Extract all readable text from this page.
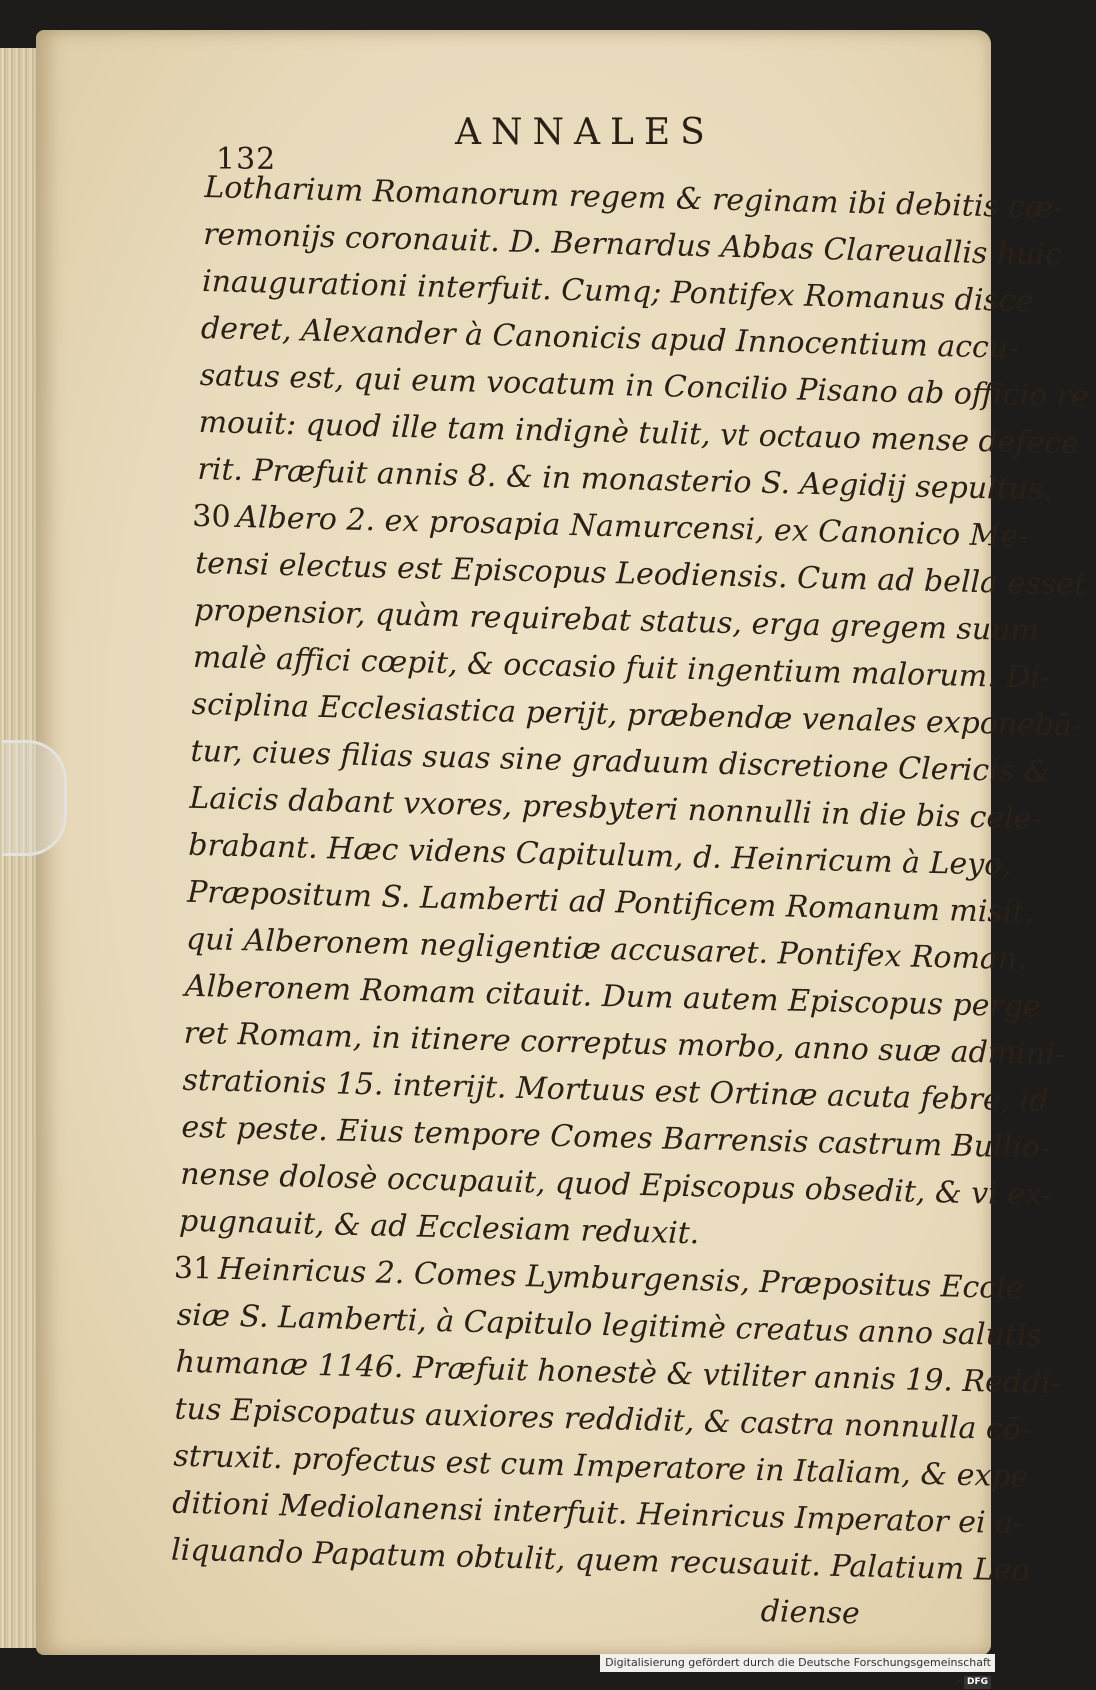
132
ANNALES
Lotharium Romanorum regem & reginam ibi debitis cæ-
remonijs coronauit. D. Bernardus Abbas Clareuallis huic
inaugurationi interfuit. Cumq; Pontifex Romanus disce
deret, Alexander à Canonicis apud Innocentium accu-
satus est, qui eum vocatum in Concilio Pisano ab officio re
mouit: quod ille tam indignè tulit, vt octauo mense defece
rit. Præfuit annis 8. & in monasterio S. Aegidij sepultus.
30 Albero 2. ex prosapia Namurcensi, ex Canonico Me-
tensi electus est Episcopus Leodiensis. Cum ad bella esset
propensior, quàm requirebat status, erga gregem suum
malè affici cœpit, & occasio fuit ingentium malorum. Di-
sciplina Ecclesiastica periјt, præbendæ venales exponebā-
tur, ciues filias suas sine graduum discretione Clericis &
Laicis dabant vxores, presbyteri nonnulli in die bis cele-
brabant. Hæc videns Capitulum, d. Heinricum à Leyo,
Præpositum S. Lamberti ad Pontificem Romanum misit,
qui Alberonem negligentiæ accusaret. Pontifex Roman.
Alberonem Romam citauit. Dum autem Episcopus perge
ret Romam, in itinere correptus morbo, anno suæ admini-
strationis 15. interijt. Mortuus est Ortinæ acuta febre, id
est peste. Eius tempore Comes Barrensis castrum Bullio-
nense dolosè occupauit, quod Episcopus obsedit, & vi ex-
pugnauit, & ad Ecclesiam reduxit.
31 Heinricus 2. Comes Lymburgensis, Præpositus Eccle
siæ S. Lamberti, à Capitulo legitimè creatus anno salutis
humanæ 1146. Præfuit honestè & vtiliter annis 19. Reddi-
tus Episcopatus auxiores reddidit, & castra nonnulla cō-
struxit. profectus est cum Imperatore in Italiam, & expe
ditioni Mediolanensi interfuit. Heinricus Imperator ei a-
liquando Papatum obtulit, quem recusauit. Palatium Leo
diense
Digitalisierung gefördert durch die Deutsche Forschungsgemeinschaft - DFG
